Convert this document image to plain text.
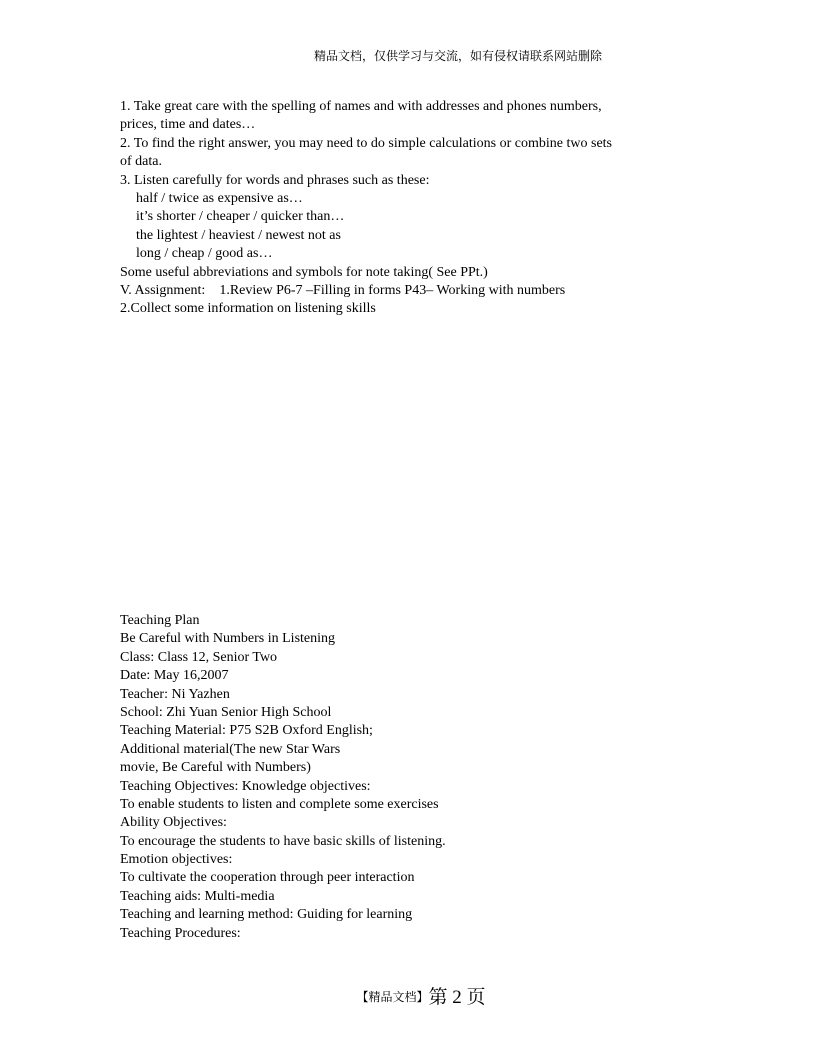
精品文档，仅供学习与交流，如有侵权请联系网站删除
1. Take great care with the spelling of names and with addresses and phones numbers,
prices, time and dates…
2. To find the right answer, you may need to do simple calculations or combine two sets
of data.
3. Listen carefully for words and phrases such as these:
half / twice as expensive as…
it’s shorter / cheaper / quicker than…
the lightest / heaviest / newest not as
long / cheap / good as…
Some useful abbreviations and symbols for note taking( See PPt.)
V. Assignment:    1.Review P6-7 –Filling in forms P43– Working with numbers
2.Collect some information on listening skills
Teaching Plan
Be Careful with Numbers in Listening
Class: Class 12, Senior Two
Date: May 16,2007
Teacher: Ni Yazhen
School: Zhi Yuan Senior High School
Teaching Material: P75 S2B Oxford English;
Additional material(The new Star Wars
movie, Be Careful with Numbers)
Teaching Objectives: Knowledge objectives:
To enable students to listen and complete some exercises
Ability Objectives:
To encourage the students to have basic skills of listening.
Emotion objectives:
To cultivate the cooperation through peer interaction
Teaching aids: Multi-media
Teaching and learning method: Guiding for learning
Teaching Procedures:
【精品文档】第 2 页
